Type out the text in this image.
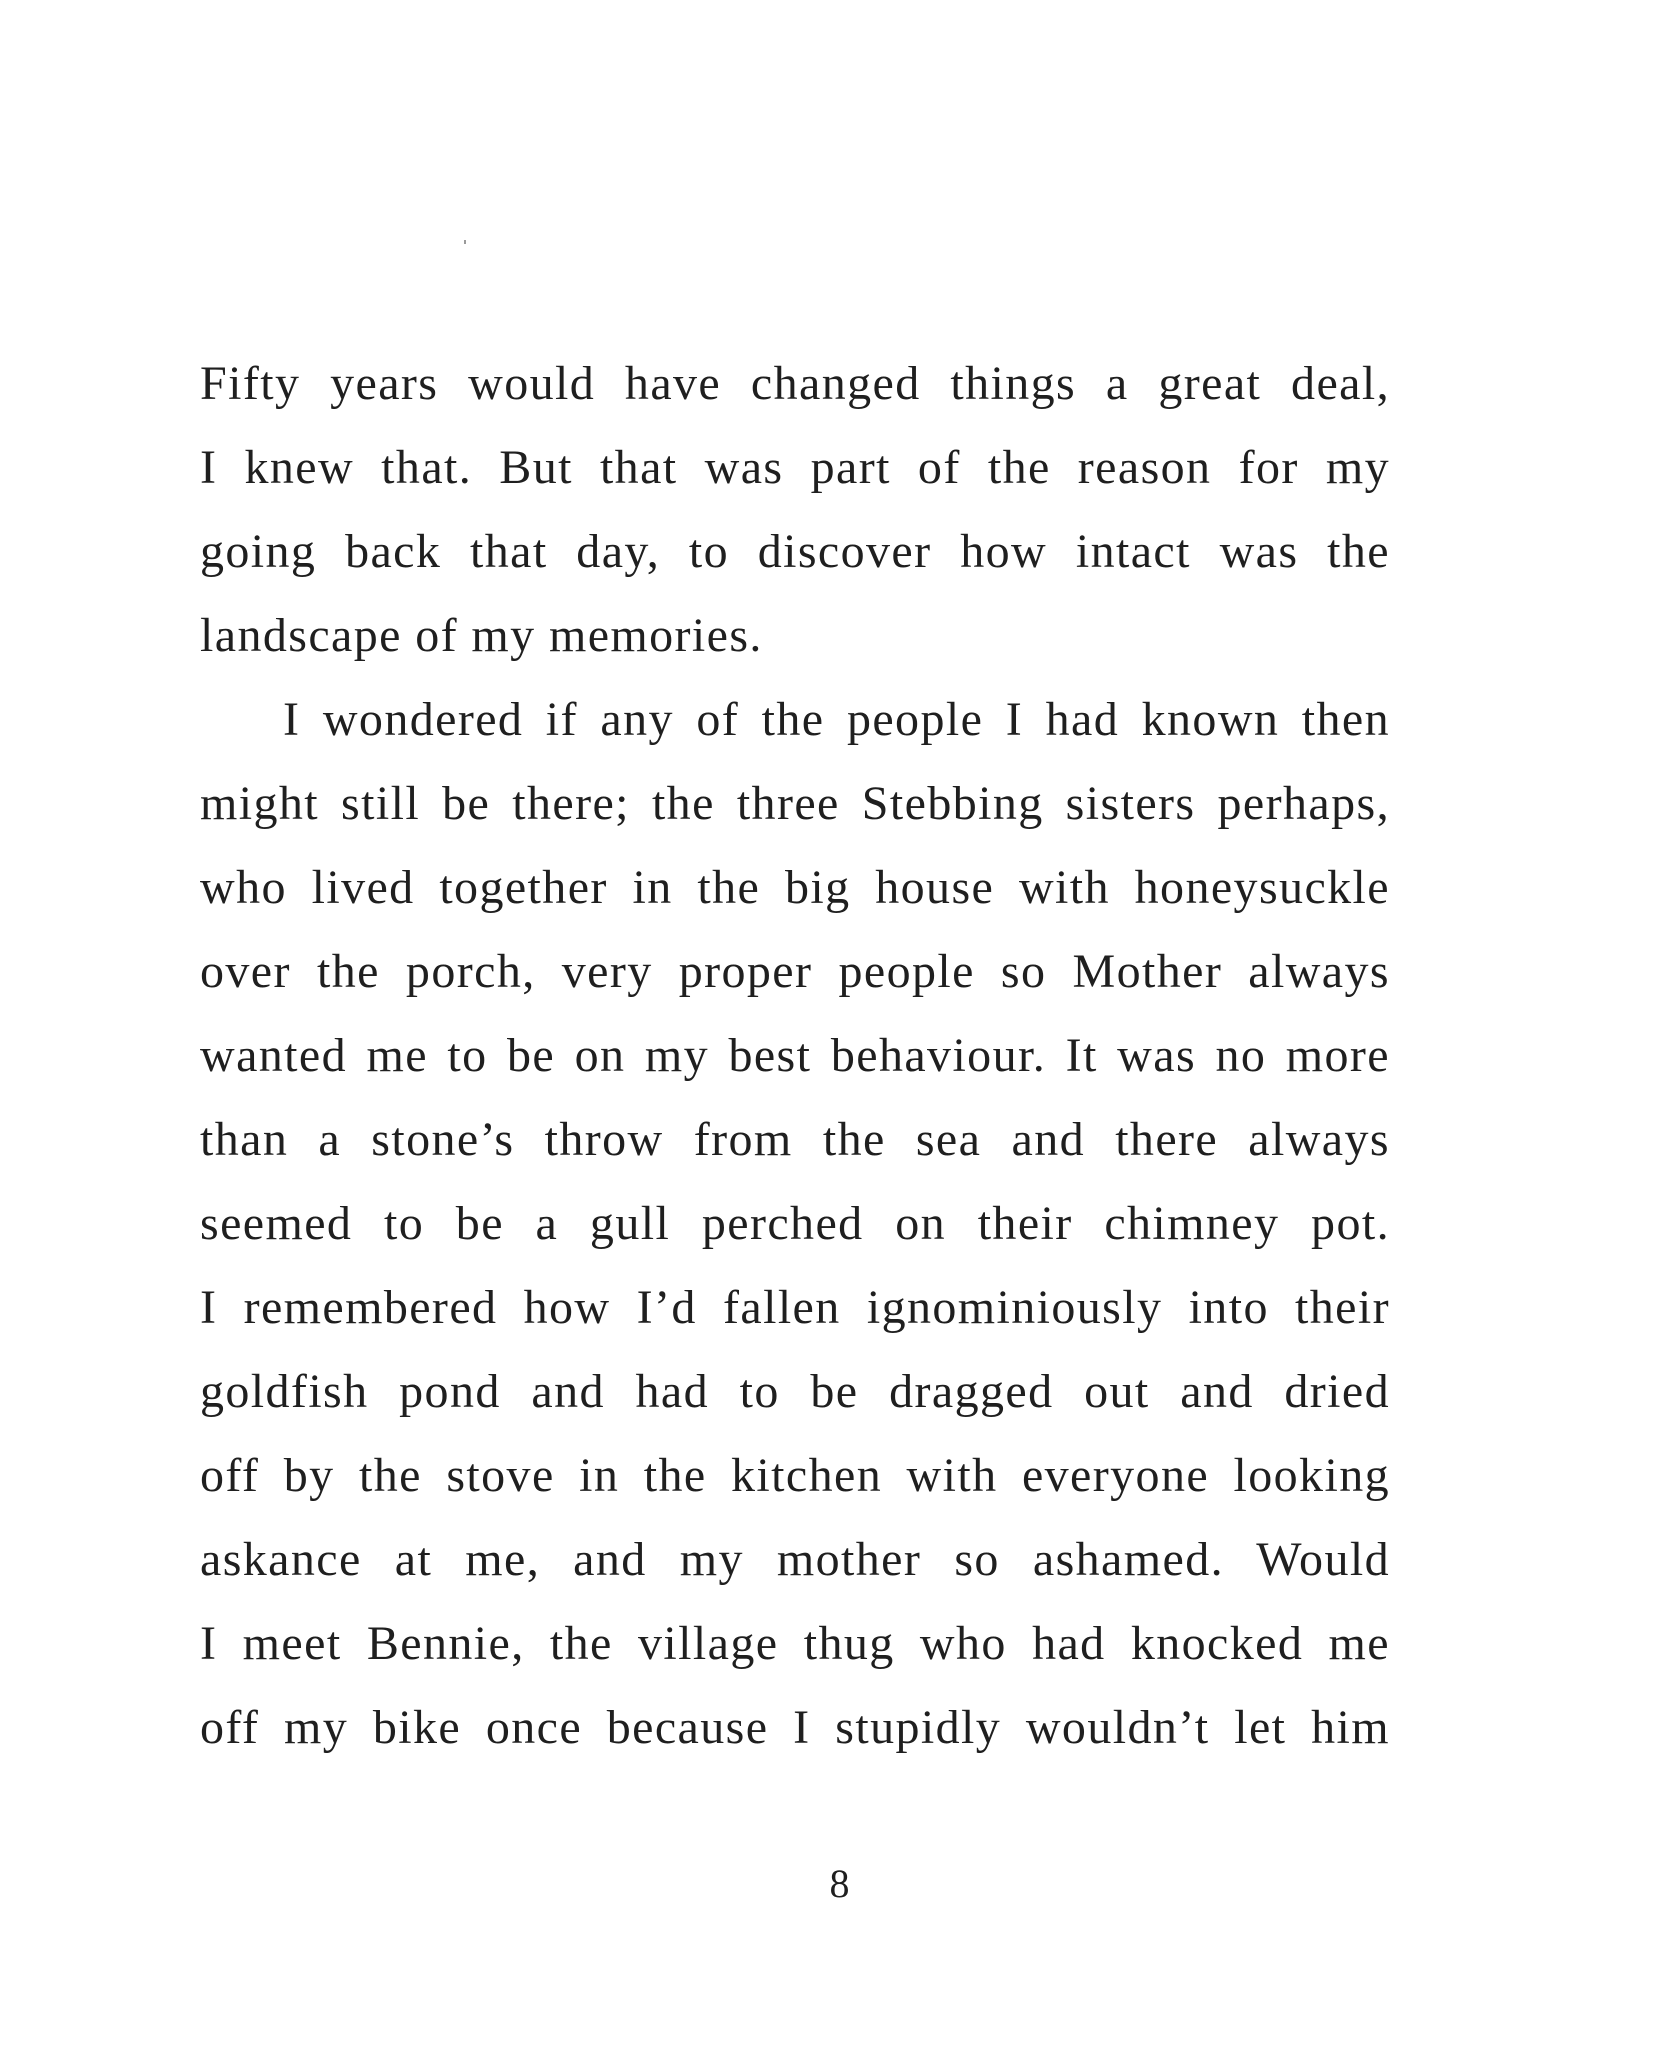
Fifty years would have changed things a great deal,
I knew that. But that was part of the reason for my
going back that day, to discover how intact was the
landscape of my memories.
I wondered if any of the people I had known then
might still be there; the three Stebbing sisters perhaps,
who lived together in the big house with honeysuckle
over the porch, very proper people so Mother always
wanted me to be on my best behaviour. It was no more
than a stone’s throw from the sea and there always
seemed to be a gull perched on their chimney pot.
I remembered how I’d fallen ignominiously into their
goldfish pond and had to be dragged out and dried
off by the stove in the kitchen with everyone looking
askance at me, and my mother so ashamed. Would
I meet Bennie, the village thug who had knocked me
off my bike once because I stupidly wouldn’t let him
8
